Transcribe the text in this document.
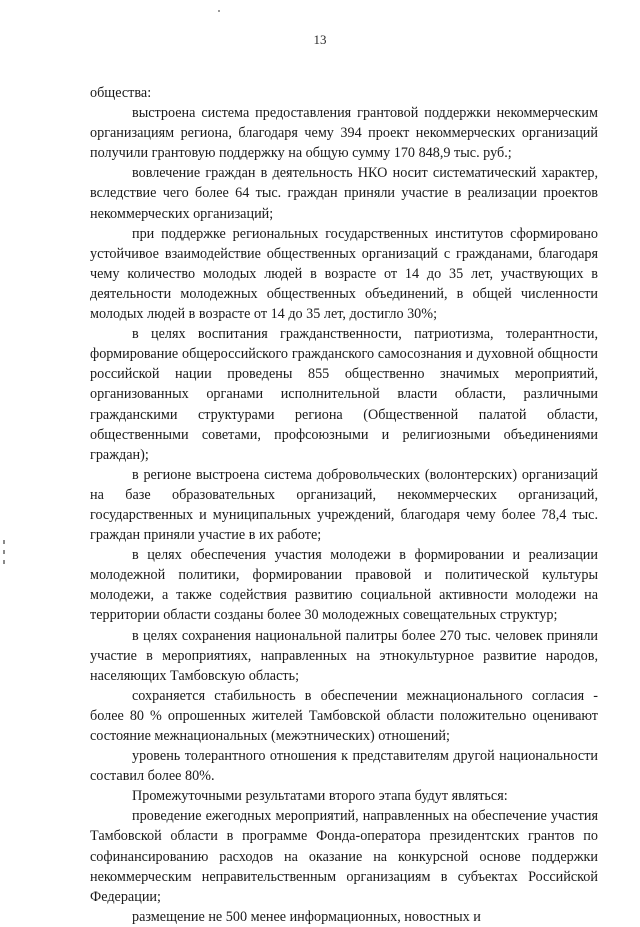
13

общества:

выстроена система предоставления грантовой поддержки некоммерческим организациям региона, благодаря чему 394 проект некоммерческих организаций получили грантовую поддержку на общую сумму 170 848,9 тыс. руб.;

вовлечение граждан в деятельность НКО носит систематический характер, вследствие чего более 64 тыс. граждан приняли участие в реализации проектов некоммерческих организаций;

при поддержке региональных государственных институтов сформировано устойчивое взаимодействие общественных организаций с гражданами, благодаря чему количество молодых людей в возрасте от 14 до 35 лет, участвующих в деятельности молодежных общественных объединений, в общей численности молодых людей в возрасте от 14 до 35 лет, достигло 30%;

в целях воспитания гражданственности, патриотизма, толерантности, формирование общероссийского гражданского самосознания и духовной общности российской нации проведены 855 общественно значимых мероприятий, организованных органами исполнительной власти области, различными гражданскими структурами региона (Общественной палатой области, общественными советами, профсоюзными и религиозными объединениями граждан);

в регионе выстроена система добровольческих (волонтерских) организаций на базе образовательных организаций, некоммерческих организаций, государственных и муниципальных учреждений, благодаря чему более 78,4 тыс. граждан приняли участие в их работе;

в целях обеспечения участия молодежи в формировании и реализации молодежной политики, формировании правовой и политической культуры молодежи, а также содействия развитию социальной активности молодежи на территории области созданы более 30 молодежных совещательных структур;

в целях сохранения национальной палитры более 270 тыс. человек приняли участие в мероприятиях, направленных на этнокультурное развитие народов, населяющих Тамбовскую область;

сохраняется стабильность в обеспечении межнационального согласия - более 80 % опрошенных жителей Тамбовской области положительно оценивают состояние межнациональных (межэтнических) отношений;

уровень толерантного отношения к представителям другой национальности составил более 80%.

Промежуточными результатами второго этапа будут являться:

проведение ежегодных мероприятий, направленных на обеспечение участия Тамбовской области в программе Фонда-оператора президентских грантов по софинансированию расходов на оказание на конкурсной основе поддержки некоммерческим неправительственным организациям в субъектах Российской Федерации;

размещение не 500 менее информационных, новостных и
